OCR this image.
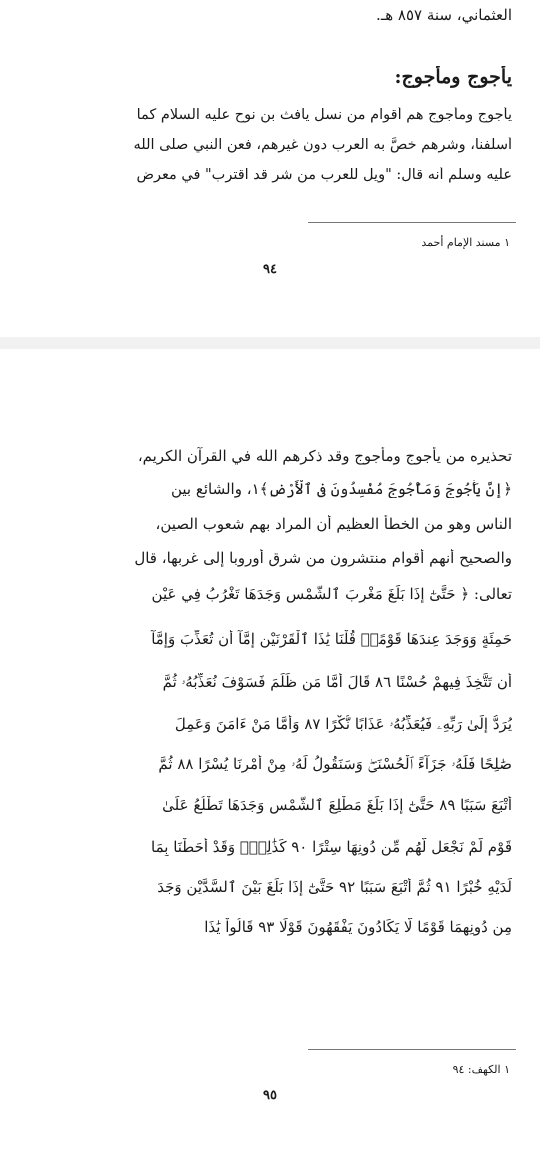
العثماني، سنة ٨٥٧ هـ.
يأجوج ومأجوج:
يأجوج ومأجوج هم أقوام من نسل يافث بن نوح عليه السلام كما
أسلفنا، وشرهم خصَّ به العرب دون غيرهم، فعن النبي صلى الله
عليه وسلم أنه قال: "ويل للعرب من شر قد اقترب" في معرض
١ مسند الإمام أحمد
٩٤
تحذيره من يأجوج ومأجوج وقد ذكرهم الله في القرآن الكريم،
﴿إِنَّ يَأْجُوجَ وَمَأْجُوجَ مُفْسِدُونَ فِي ٱلْأَرْضِ﴾١، والشائع بين
الناس وهو من الخطأ العظيم أن المراد بهم شعوب الصين،
والصحيح أنهم أقوام منتشرون من شرق أوروبا إلى غربها، قال
تعالى: ﴿ حَتَّىٰٓ إِذَا بَلَغَ مَغْرِبَ ٱلشَّمْسِ وَجَدَهَا تَغْرُبُ فِي عَيْنٍ
حَمِئَةٍ وَوَجَدَ عِندَهَا قَوْمًاۗ قُلْنَا يَٰذَا ٱلْقَرْنَيْنِ إِمَّآ أَن تُعَذِّبَ وَإِمَّآ
أَن تَتَّخِذَ فِيهِمْ حُسْنًا ٨٦ قَالَ أَمَّا مَن ظَلَمَ فَسَوْفَ نُعَذِّبُهُۥ ثُمَّ
يُرَدُّ إِلَىٰ رَبِّهِۦ فَيُعَذِّبُهُۥ عَذَابًا نُّكْرًا ٨٧ وَأَمَّا مَنْ ءَامَنَ وَعَمِلَ
صَٰلِحًا فَلَهُۥ جَزَآءً ٱلْحُسْنَىٰۖ وَسَنَقُولُ لَهُۥ مِنْ أَمْرِنَا يُسْرًا ٨٨ ثُمَّ
أَتْبَعَ سَبَبًا ٨٩ حَتَّىٰٓ إِذَا بَلَغَ مَطْلِعَ ٱلشَّمْسِ وَجَدَهَا تَطْلُعُ عَلَىٰ
قَوْمٍ لَّمْ نَجْعَل لَّهُم مِّن دُونِهَا سِتْرًا ٩٠ كَذَٰلِكَۖ وَقَدْ أَحَطْنَا بِمَا
لَدَيْهِ خُبْرًا ٩١ ثُمَّ أَتْبَعَ سَبَبًا ٩٢ حَتَّىٰٓ إِذَا بَلَغَ بَيْنَ ٱلسَّدَّيْنِ وَجَدَ
مِن دُونِهِمَا قَوْمًا لَّا يَكَادُونَ يَفْقَهُونَ قَوْلًا ٩٣ قَالُواْ يَٰذَا
١ الكهف: ٩٤
٩٥
